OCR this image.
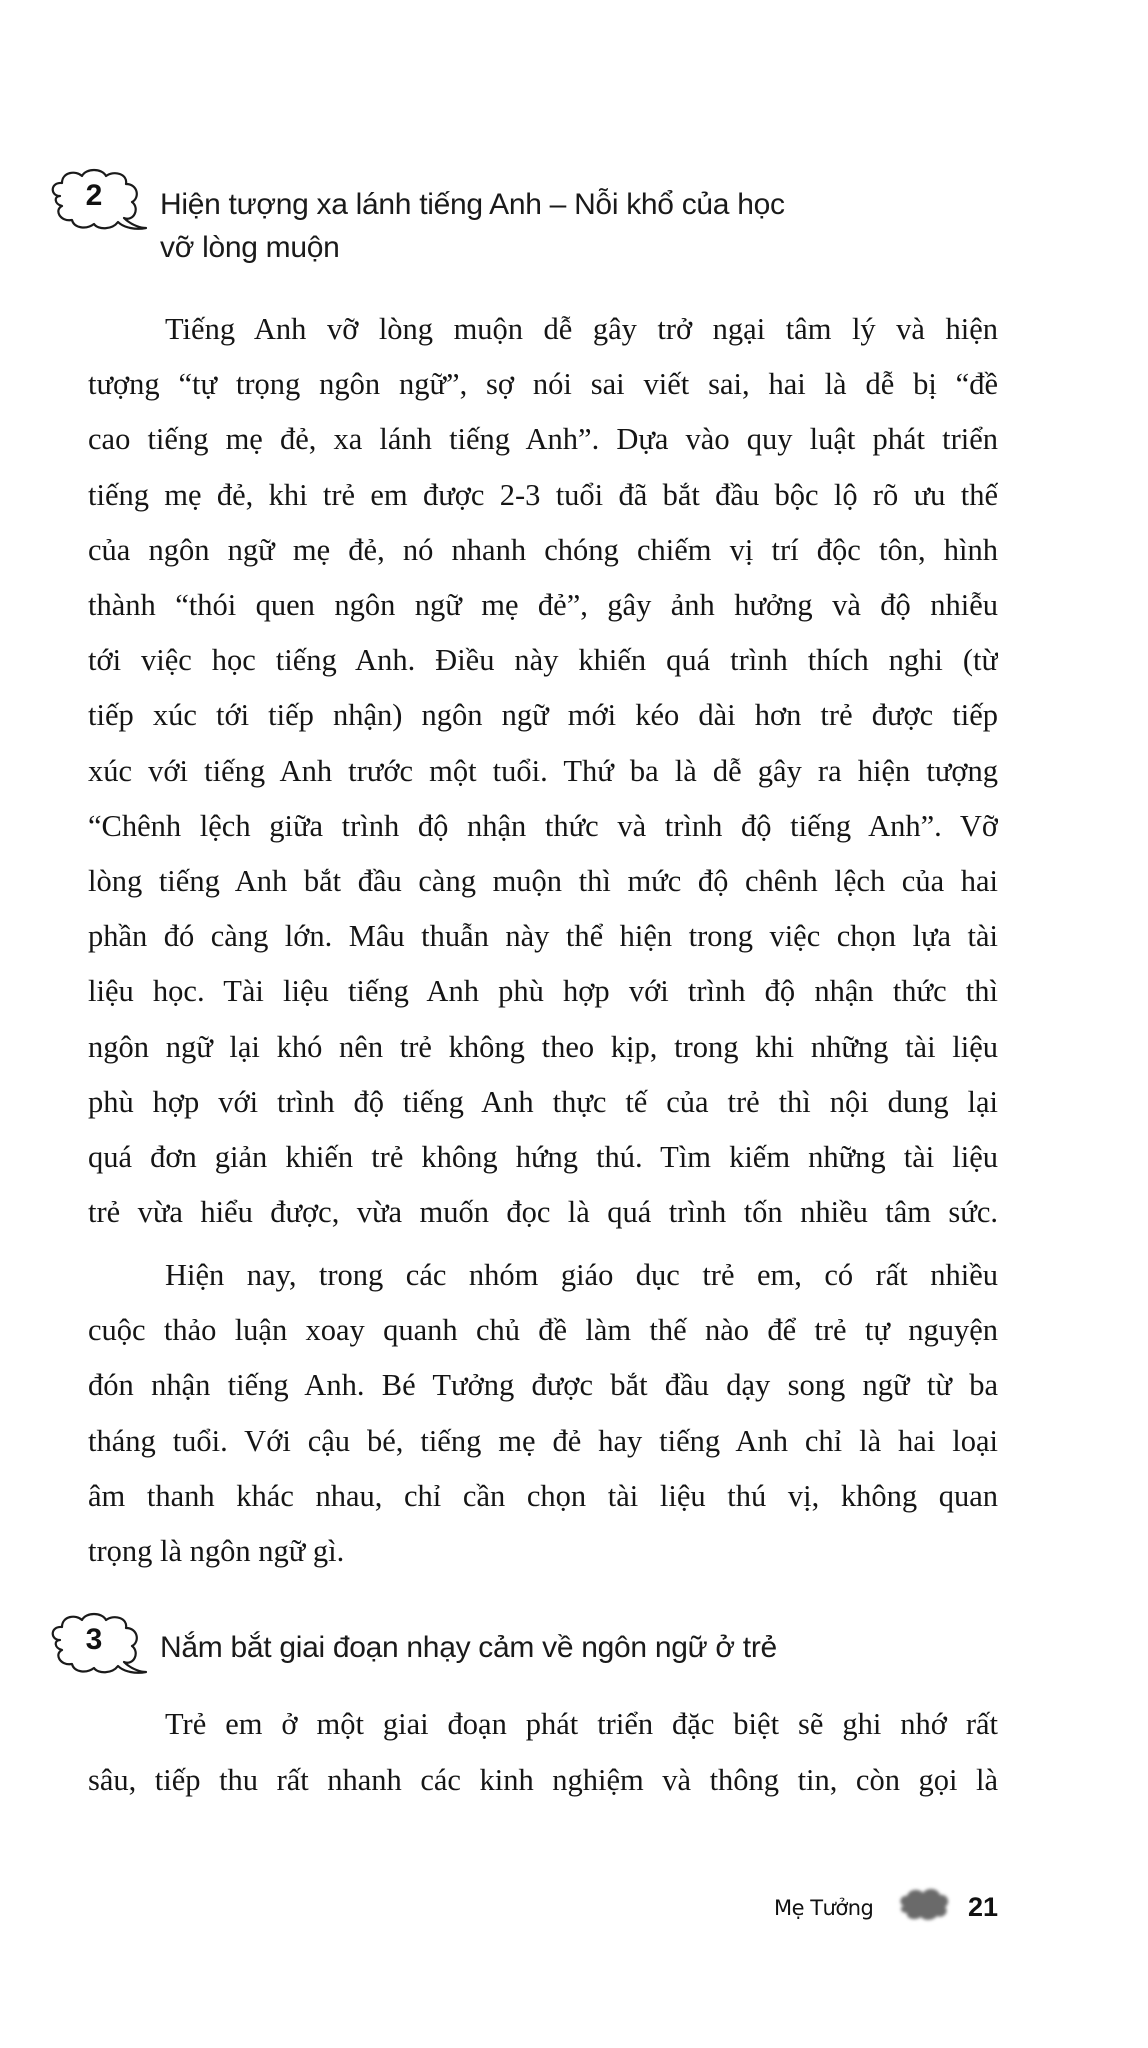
2	Hiện tượng xa lánh tiếng Anh – Nỗi khổ của học
vỡ lòng muộn
Tiếng Anh vỡ lòng muộn dễ gây trở ngại tâm lý và hiện
tượng “tự trọng ngôn ngữ”, sợ nói sai viết sai, hai là dễ bị “đề
cao tiếng mẹ đẻ, xa lánh tiếng Anh”. Dựa vào quy luật phát triển
tiếng mẹ đẻ, khi trẻ em được 2-3 tuổi đã bắt đầu bộc lộ rõ ưu thế
của ngôn ngữ mẹ đẻ, nó nhanh chóng chiếm vị trí độc tôn, hình
thành “thói quen ngôn ngữ mẹ đẻ”, gây ảnh hưởng và độ nhiễu
tới việc học tiếng Anh. Điều này khiến quá trình thích nghi (từ
tiếp xúc tới tiếp nhận) ngôn ngữ mới kéo dài hơn trẻ được tiếp
xúc với tiếng Anh trước một tuổi. Thứ ba là dễ gây ra hiện tượng
“Chênh lệch giữa trình độ nhận thức và trình độ tiếng Anh”. Vỡ
lòng tiếng Anh bắt đầu càng muộn thì mức độ chênh lệch của hai
phần đó càng lớn. Mâu thuẫn này thể hiện trong việc chọn lựa tài
liệu học. Tài liệu tiếng Anh phù hợp với trình độ nhận thức thì
ngôn ngữ lại khó nên trẻ không theo kịp, trong khi những tài liệu
phù hợp với trình độ tiếng Anh thực tế của trẻ thì nội dung lại
quá đơn giản khiến trẻ không hứng thú. Tìm kiếm những tài liệu
trẻ vừa hiểu được, vừa muốn đọc là quá trình tốn nhiều tâm sức.
Hiện nay, trong các nhóm giáo dục trẻ em, có rất nhiều
cuộc thảo luận xoay quanh chủ đề làm thế nào để trẻ tự nguyện
đón nhận tiếng Anh. Bé Tưởng được bắt đầu dạy song ngữ từ ba
tháng tuổi. Với cậu bé, tiếng mẹ đẻ hay tiếng Anh chỉ là hai loại
âm thanh khác nhau, chỉ cần chọn tài liệu thú vị, không quan
trọng là ngôn ngữ gì.
3	Nắm bắt giai đoạn nhạy cảm về ngôn ngữ ở trẻ
Trẻ em ở một giai đoạn phát triển đặc biệt sẽ ghi nhớ rất
sâu, tiếp thu rất nhanh các kinh nghiệm và thông tin, còn gọi là
Mẹ Tưởng	21
